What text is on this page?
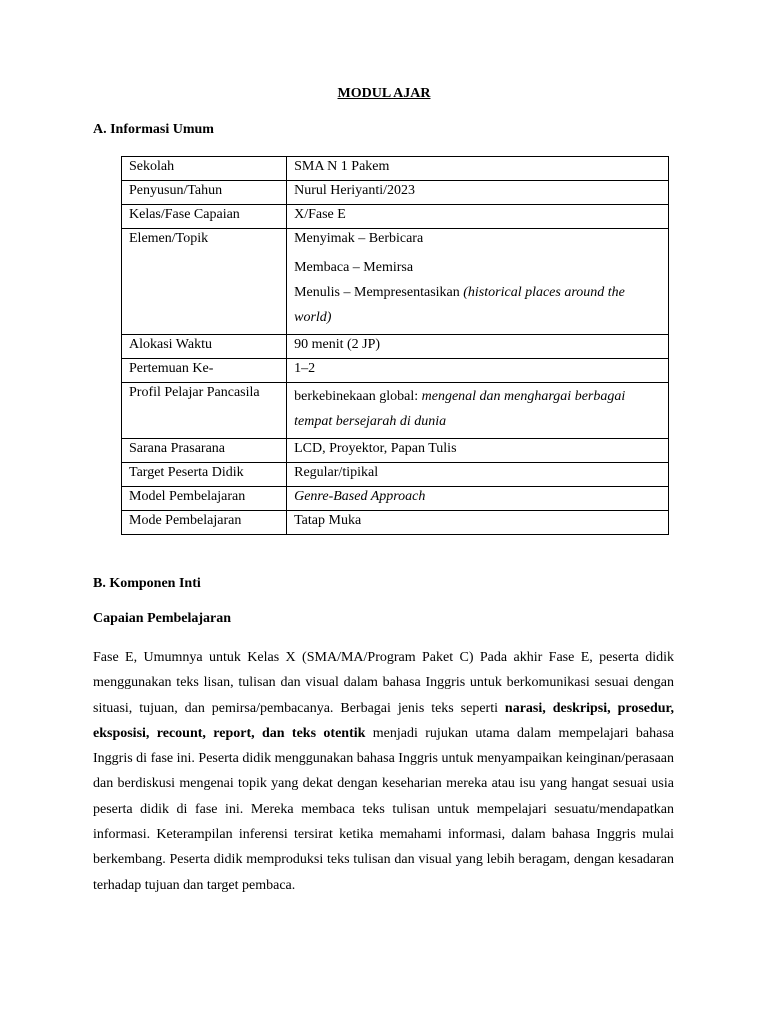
MODUL AJAR

A. Informasi Umum

Sekolah	SMA N 1 Pakem
Penyusun/Tahun	Nurul Heriyanti/2023
Kelas/Fase Capaian	X/Fase E
Elemen/Topik	Menyimak – Berbicara
Membaca – Memirsa
Menulis – Mempresentasikan (historical places around the world)

Alokasi Waktu	90 menit (2 JP)
Pertemuan Ke-	1–2
Profil Pelajar Pancasila	berkebinekaan global: mengenal dan menghargai berbagai tempat bersejarah di dunia
Sarana Prasarana	LCD, Proyektor, Papan Tulis
Target Peserta Didik	Regular/tipikal
Model Pembelajaran	Genre-Based Approach
Mode Pembelajaran	Tatap Muka

B. Komponen Inti

Capaian Pembelajaran

Fase E, Umumnya untuk Kelas X (SMA/MA/Program Paket C) Pada akhir Fase E, peserta didik menggunakan teks lisan, tulisan dan visual dalam bahasa Inggris untuk berkomunikasi sesuai dengan situasi, tujuan, dan pemirsa/pembacanya. Berbagai jenis teks seperti narasi, deskripsi, prosedur, eksposisi, recount, report, dan teks otentik menjadi rujukan utama dalam mempelajari bahasa Inggris di fase ini. Peserta didik menggunakan bahasa Inggris untuk menyampaikan keinginan/perasaan dan berdiskusi mengenai topik yang dekat dengan keseharian mereka atau isu yang hangat sesuai usia peserta didik di fase ini. Mereka membaca teks tulisan untuk mempelajari sesuatu/mendapatkan informasi. Keterampilan inferensi tersirat ketika memahami informasi, dalam bahasa Inggris mulai berkembang. Peserta didik memproduksi teks tulisan dan visual yang lebih beragam, dengan kesadaran terhadap tujuan dan target pembaca.
